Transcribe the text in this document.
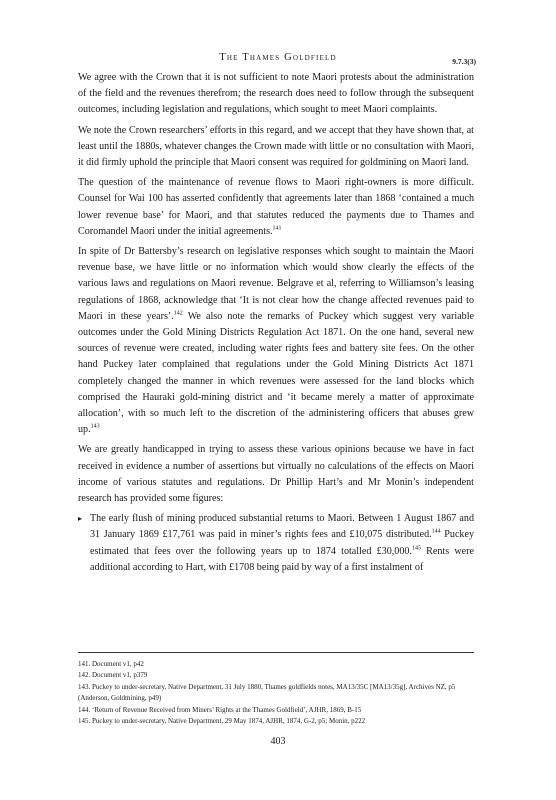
The Thames Goldfield	9.7.3(3)

We agree with the Crown that it is not sufficient to note Maori protests about the administration of the field and the revenues therefrom; the research does need to follow through the subsequent outcomes, including legislation and regulations, which sought to meet Maori complaints.

We note the Crown researchers’ efforts in this regard, and we accept that they have shown that, at least until the 1880s, whatever changes the Crown made with little or no consultation with Maori, it did firmly uphold the principle that Maori consent was required for goldmining on Maori land.

The question of the maintenance of revenue flows to Maori right-owners is more difficult. Counsel for Wai 100 has asserted confidently that agreements later than 1868 ‘contained a much lower revenue base’ for Maori, and that statutes reduced the payments due to Thames and Coromandel Maori under the initial agreements.$^{141}$

In spite of Dr Battersby’s research on legislative responses which sought to maintain the Maori revenue base, we have little or no information which would show clearly the effects of the various laws and regulations on Maori revenue. Belgrave et al, referring to Williamson’s leasing regulations of 1868, acknowledge that ‘It is not clear how the change affected revenues paid to Maori in these years’.$^{142}$ We also note the remarks of Puckey which suggest very variable outcomes under the Gold Mining Districts Regulation Act 1871. On the one hand, several new sources of revenue were created, including water rights fees and battery site fees. On the other hand Puckey later complained that regulations under the Gold Mining Districts Act 1871 completely changed the manner in which revenues were assessed for the land blocks which comprised the Hauraki gold-mining district and ‘it became merely a matter of approximate allocation’, with so much left to the discretion of the administering officers that abuses grew up.$^{143}$

We are greatly handicapped in trying to assess these various opinions because we have in fact received in evidence a number of assertions but virtually no calculations of the effects on Maori income of various statutes and regulations. Dr Phillip Hart’s and Mr Monin’s independent research has provided some figures:

▸ The early flush of mining produced substantial returns to Maori. Between 1 August 1867 and 31 January 1869 £17,761 was paid in miner’s rights fees and £10,075 distributed.$^{144}$ Puckey estimated that fees over the following years up to 1874 totalled £30,000.$^{145}$ Rents were additional according to Hart, with £1708 being paid by way of a first instalment of

141. Document v1, p42

142. Document v1, p379

143. Puckey to under-secretary, Native Department, 31 July 1880, Thames goldfields notes, MA13/35C [MA13/35g], Archives NZ, p5 (Anderson, Goldmining, p49)

144. ‘Return of Revenue Received from Miners’ Rights at the Thames Goldfield’, AJHR, 1869, B-15

145. Puckey to under-secretary, Native Department, 29 May 1874, AJHR, 1874, G-2, p5; Monin, p222

403
